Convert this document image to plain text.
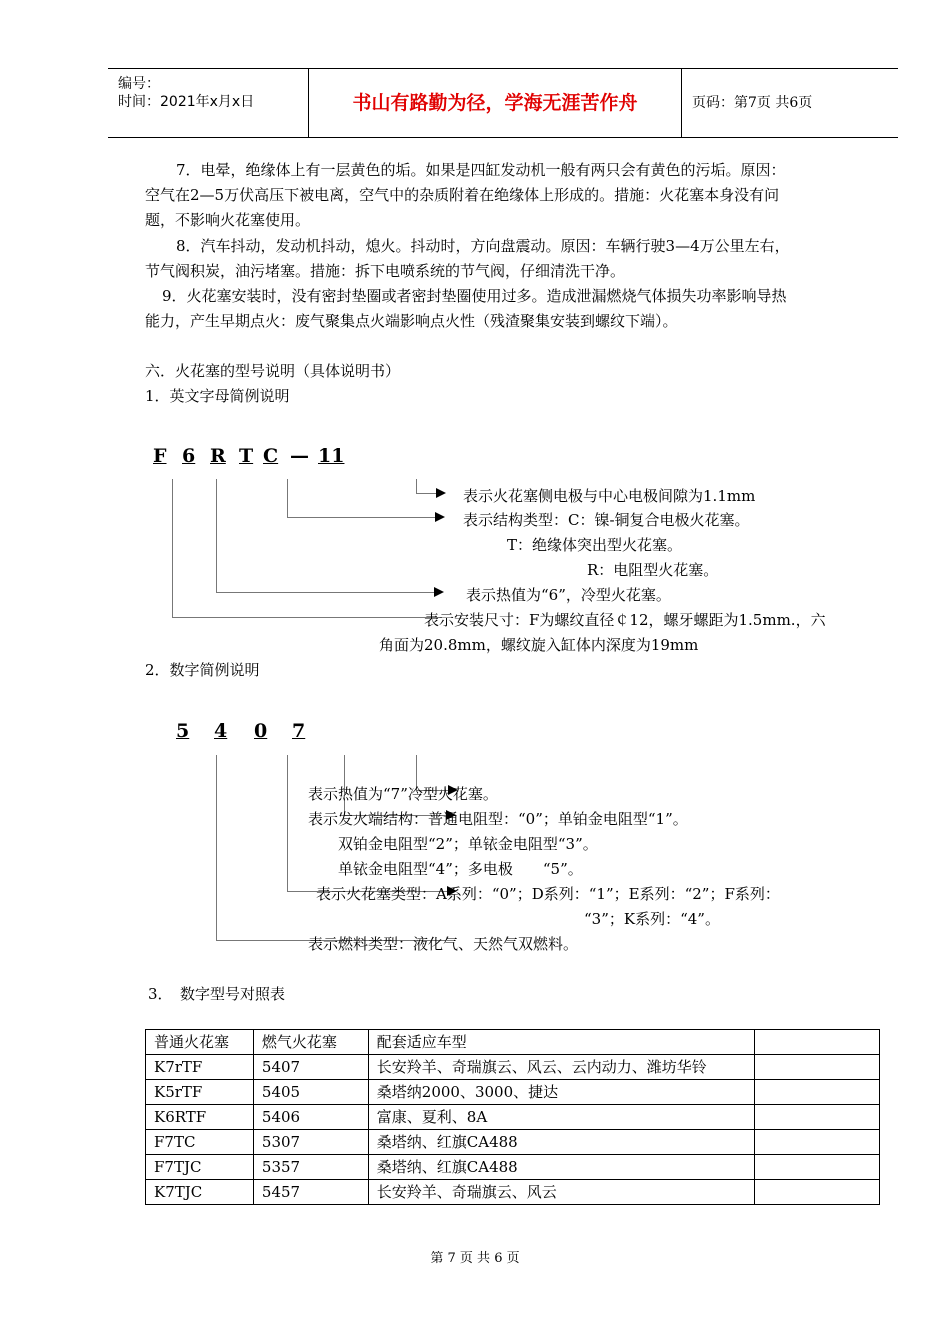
编号：
时间：2021年x月x日	书山有路勤为径，学海无涯苦作舟	页码：第7页 共6页
7．电晕，绝缘体上有一层黄色的垢。如果是四缸发动机一般有两只会有黄色的污垢。原因：
空气在2—5万伏高压下被电离，空气中的杂质附着在绝缘体上形成的。措施：火花塞本身没有问
题，不影响火花塞使用。
8．汽车抖动，发动机抖动，熄火。抖动时，方向盘震动。原因：车辆行驶3—4万公里左右，
节气阀积炭，油污堵塞。措施：拆下电喷系统的节气阀，仔细清洗干净。
9．火花塞安装时，没有密封垫圈或者密封垫圈使用过多。造成泄漏燃烧气体损失功率影响导热
能力，产生早期点火：废气聚集点火端影响点火性（残渣聚集安装到螺纹下端）。
六．火花塞的型号说明（具体说明书）
1．英文字母简例说明
F 6 R T C — 11
表示火花塞侧电极与中心电极间隙为1.1mm
表示结构类型：C：镍-铜复合电极火花塞。
T：绝缘体突出型火花塞。
R：电阻型火花塞。
表示热值为“6”，冷型火花塞。
表示安装尺寸：F为螺纹直径￠12，螺牙螺距为1.5mm.，六
角面为20.8mm，螺纹旋入缸体内深度为19mm
2．数字简例说明
5 4 0 7
表示热值为“7”冷型火花塞。
表示发火端结构：普通电阻型：“0”；单铂金电阻型“1”。
双铂金电阻型“2”；单铱金电阻型“3”。
单铱金电阻型“4”；多电极　　“5”。
表示火花塞类型：A系列：“0”；D系列：“1”；E系列：“2”；F系列：
“3”；K系列：“4”。
表示燃料类型：液化气、天然气双燃料。
3．　数字型号对照表
普通火花塞	燃气火花塞	配套适应车型	
K7rTF	5407	长安羚羊、奇瑞旗云、风云、云内动力、潍坊华铃	
K5rTF	5405	桑塔纳2000、3000、捷达	
K6RTF	5406	富康、夏利、8A	
F7TC	5307	桑塔纳、红旗CA488	
F7TJC	5357	桑塔纳、红旗CA488	
K7TJC	5457	长安羚羊、奇瑞旗云、风云	
第 7 页 共 6 页
